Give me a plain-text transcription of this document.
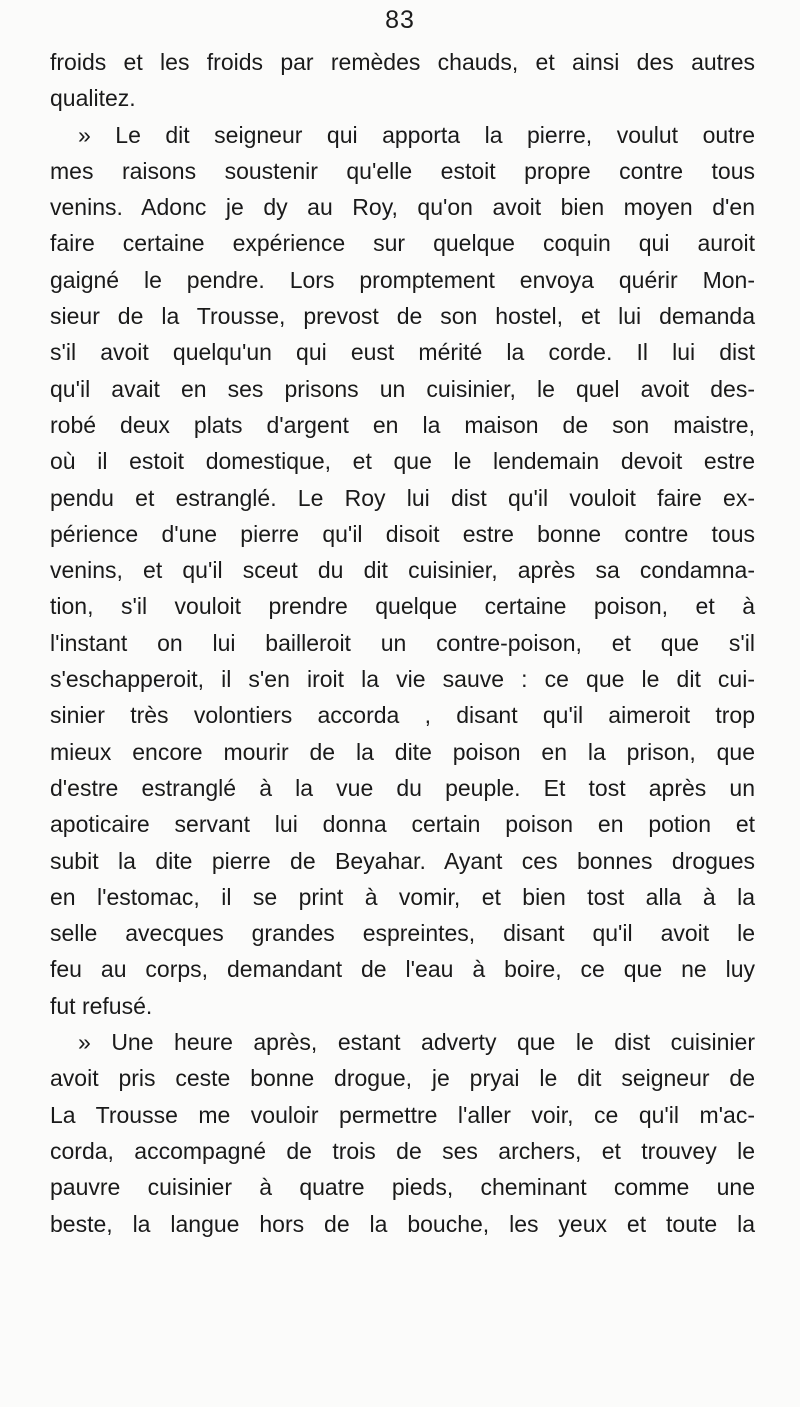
83
froids et les froids par remèdes chauds, et ainsi des autres
qualitez.
» Le dit seigneur qui apporta la pierre, voulut outre
mes raisons soustenir qu'elle estoit propre contre tous
venins. Adonc je dy au Roy, qu'on avoit bien moyen d'en
faire certaine expérience sur quelque coquin qui auroit
gaigné le pendre. Lors promptement envoya quérir Mon-
sieur de la Trousse, prevost de son hostel, et lui demanda
s'il avoit quelqu'un qui eust mérité la corde. Il lui dist
qu'il avait en ses prisons un cuisinier, le quel avoit des-
robé deux plats d'argent en la maison de son maistre,
où il estoit domestique, et que le lendemain devoit estre
pendu et estranglé. Le Roy lui dist qu'il vouloit faire ex-
périence d'une pierre qu'il disoit estre bonne contre tous
venins, et qu'il sceut du dit cuisinier, après sa condamna-
tion, s'il vouloit prendre quelque certaine poison, et à
l'instant on lui bailleroit un contre-poison, et que s'il
s'eschapperoit, il s'en iroit la vie sauve : ce que le dit cui-
sinier très volontiers accorda , disant qu'il aimeroit trop
mieux encore mourir de la dite poison en la prison, que
d'estre estranglé à la vue du peuple. Et tost après un
apoticaire servant lui donna certain poison en potion et
subit la dite pierre de Beyahar. Ayant ces bonnes drogues
en l'estomac, il se print à vomir, et bien tost alla à la
selle avecques grandes espreintes, disant qu'il avoit le
feu au corps, demandant de l'eau à boire, ce que ne luy
fut refusé.
» Une heure après, estant adverty que le dist cuisinier
avoit pris ceste bonne drogue, je pryai le dit seigneur de
La Trousse me vouloir permettre l'aller voir, ce qu'il m'ac-
corda, accompagné de trois de ses archers, et trouvey le
pauvre cuisinier à quatre pieds, cheminant comme une
beste, la langue hors de la bouche, les yeux et toute la
